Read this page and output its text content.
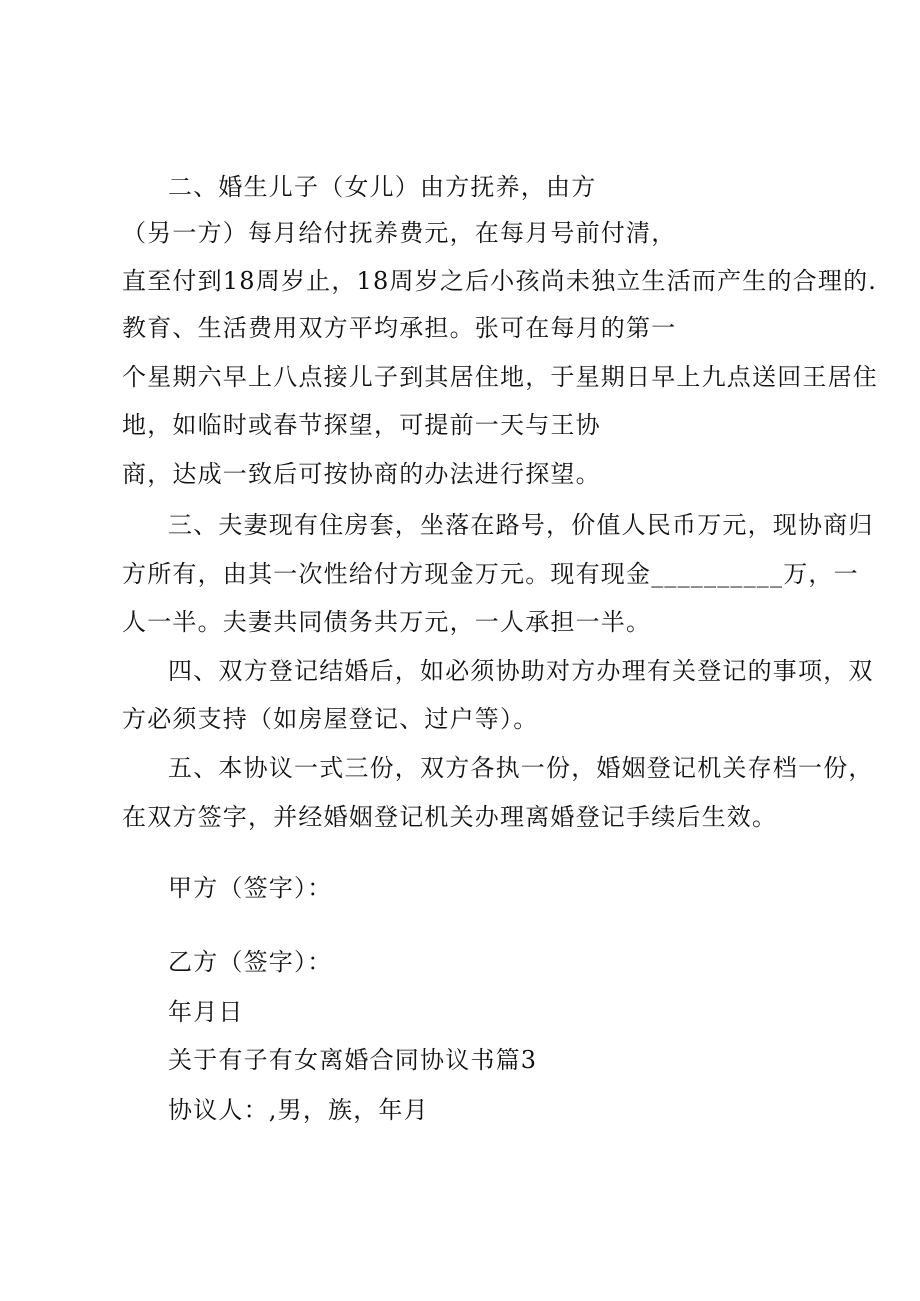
二、婚生儿子（女儿）由方抚养，由方
（另一方）每月给付抚养费元，在每月号前付清，
直至付到18周岁止，18周岁之后小孩尚未独立生活而产生的合理的.
教育、生活费用双方平均承担。张可在每月的第一
个星期六早上八点接儿子到其居住地，于星期日早上九点送回王居住
地，如临时或春节探望，可提前一天与王协
商，达成一致后可按协商的办法进行探望。
三、夫妻现有住房套，坐落在路号，价值人民币万元，现协商归
方所有，由其一次性给付方现金万元。现有现金__________万，一
人一半。夫妻共同债务共万元，一人承担一半。
四、双方登记结婚后，如必须协助对方办理有关登记的事项，双
方必须支持（如房屋登记、过户等）。
五、本协议一式三份，双方各执一份，婚姻登记机关存档一份，
在双方签字，并经婚姻登记机关办理离婚登记手续后生效。
甲方（签字）：
乙方（签字）：
年月日
关于有子有女离婚合同协议书篇3
协议人：,男，族，年月
